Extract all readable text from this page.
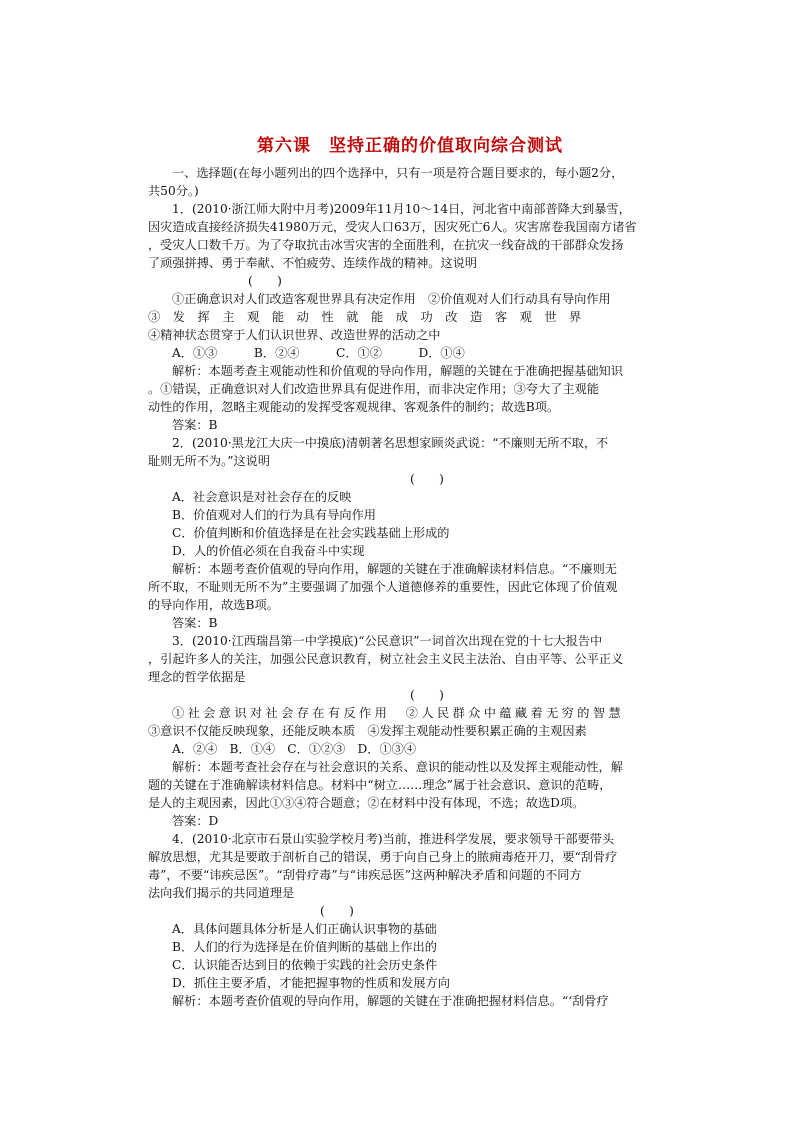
第六课　坚持正确的价值取向综合测试
一、选择题(在每小题列出的四个选择中，只有一项是符合题目要求的，每小题2分，
共50分。)
1．(2010·浙江师大附中月考)2009年11月10～14日，河北省中南部普降大到暴雪，
因灾造成直接经济损失41980万元，受灾人口63万，因灾死亡6人。灾害席卷我国南方诸省
，受灾人口数千万。为了夺取抗击冰雪灾害的全面胜利，在抗灾一线奋战的干部群众发扬
了顽强拼搏、勇于奉献、不怕疲劳、连续作战的精神。这说明
(　　)
①正确意识对人们改造客观世界具有决定作用　②价值观对人们行动具有导向作用
③　发　挥　主　观　能　动　性　就　能　成　功　改　造　客　观　世　界
④精神状态贯穿于人们认识世界、改造世界的活动之中
A．①③　　　B．②④　　　C．①②　　　D．①④
解析：本题考查主观能动性和价值观的导向作用，解题的关键在于准确把握基础知识
。①错误，正确意识对人们改造世界具有促进作用，而非决定作用；③夸大了主观能
动性的作用，忽略主观能动的发挥受客观规律、客观条件的制约；故选B项。
答案：B
2．(2010·黑龙江大庆一中摸底)清朝著名思想家顾炎武说：“不廉则无所不取，不
耻则无所不为。”这说明
(　　)
A．社会意识是对社会存在的反映
B．价值观对人们的行为具有导向作用
C．价值判断和价值选择是在社会实践基础上形成的
D．人的价值必须在自我奋斗中实现
解析：本题考查价值观的导向作用，解题的关键在于准确解读材料信息。“不廉则无
所不取，不耻则无所不为”主要强调了加强个人道德修养的重要性，因此它体现了价值观
的导向作用，故选B项。
答案：B
3．(2010·江西瑞昌第一中学摸底)“公民意识”一词首次出现在党的十七大报告中
，引起许多人的关注，加强公民意识教育，树立社会主义民主法治、自由平等、公平正义
理念的哲学依据是
(　　)
①社会意识对社会存在有反作用　②人民群众中蕴藏着无穷的智慧
③意识不仅能反映现象，还能反映本质　④发挥主观能动性要积累正确的主观因素
A．②④　B．①④　C．①②③　D．①③④
解析：本题考查社会存在与社会意识的关系、意识的能动性以及发挥主观能动性，解
题的关键在于准确解读材料信息。材料中“树立……理念”属于社会意识、意识的范畴，
是人的主观因素，因此①③④符合题意；②在材料中没有体现，不选；故选D项。
答案：D
4．(2010·北京市石景山实验学校月考)当前，推进科学发展，要求领导干部要带头
解放思想，尤其是要敢于剖析自己的错误，勇于向自己身上的脓痈毒疮开刀，要“刮骨疗
毒”，不要“讳疾忌医”。“刮骨疗毒”与“讳疾忌医”这两种解决矛盾和问题的不同方
法向我们揭示的共同道理是
(　　)
A．具体问题具体分析是人们正确认识事物的基础
B．人们的行为选择是在价值判断的基础上作出的
C．认识能否达到目的依赖于实践的社会历史条件
D．抓住主要矛盾，才能把握事物的性质和发展方向
解析：本题考查价值观的导向作用，解题的关键在于准确把握材料信息。“‘刮骨疗
